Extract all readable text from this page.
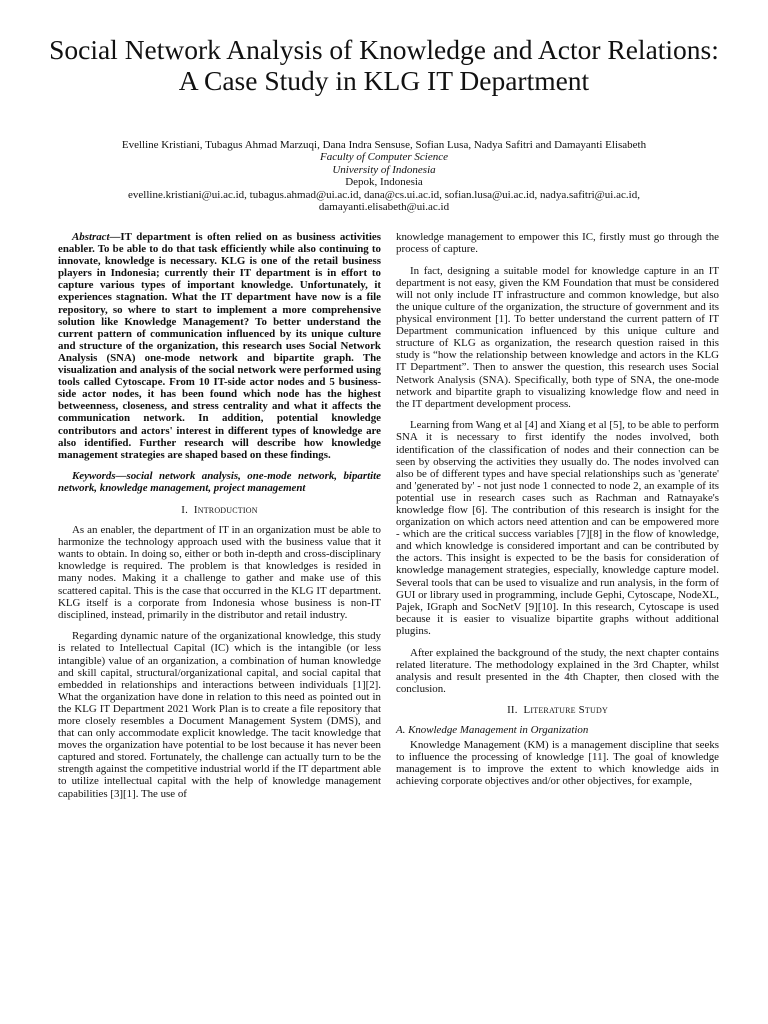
Social Network Analysis of Knowledge and Actor Relations: A Case Study in KLG IT Department
Evelline Kristiani, Tubagus Ahmad Marzuqi, Dana Indra Sensuse, Sofian Lusa, Nadya Safitri and Damayanti Elisabeth
Faculty of Computer Science
University of Indonesia
Depok, Indonesia
evelline.kristiani@ui.ac.id, tubagus.ahmad@ui.ac.id, dana@cs.ui.ac.id, sofian.lusa@ui.ac.id, nadya.safitri@ui.ac.id,
damayanti.elisabeth@ui.ac.id

Abstract—IT department is often relied on as business activities enabler. To be able to do that task efficiently while also continuing to innovate, knowledge is necessary. KLG is one of the retail business players in Indonesia; currently their IT department is in effort to capture various types of important knowledge. Unfortunately, it experiences stagnation. What the IT department have now is a file repository, so where to start to implement a more comprehensive solution like Knowledge Management? To better understand the current pattern of communication influenced by its unique culture and structure of the organization, this research uses Social Network Analysis (SNA) one-mode network and bipartite graph. The visualization and analysis of the social network were performed using tools called Cytoscape. From 10 IT-side actor nodes and 5 business-side actor nodes, it has been found which node has the highest betweenness, closeness, and stress centrality and what it affects the communication network. In addition, potential knowledge contributors and actors' interest in different types of knowledge are also identified. Further research will describe how knowledge management strategies are shaped based on these findings.

Keywords—social network analysis, one-mode network, bipartite network, knowledge management, project management

I. Introduction

As an enabler, the department of IT in an organization must be able to harmonize the technology approach used with the business value that it wants to obtain. In doing so, either or both in-depth and cross-disciplinary knowledge is required. The problem is that knowledges is resided in many nodes. Making it a challenge to gather and make use of this scattered capital. This is the case that occurred in the KLG IT department. KLG itself is a corporate from Indonesia whose business is non-IT disciplined, instead, primarily in the distributor and retail industry.

Regarding dynamic nature of the organizational knowledge, this study is related to Intellectual Capital (IC) which is the intangible (or less intangible) value of an organization, a combination of human knowledge and skill capital, structural/organizational capital, and social capital that embedded in relationships and interactions between individuals [1][2]. What the organization have done in relation to this need as pointed out in the KLG IT Department 2021 Work Plan is to create a file repository that more closely resembles a Document Management System (DMS), and that can only accommodate explicit knowledge. The tacit knowledge that moves the organization have potential to be lost because it has never been captured and stored. Fortunately, the challenge can actually turn to be the strength against the competitive industrial world if the IT department able to utilize intellectual capital with the help of knowledge management capabilities [3][1]. The use of

knowledge management to empower this IC, firstly must go through the process of capture.

In fact, designing a suitable model for knowledge capture in an IT department is not easy, given the KM Foundation that must be considered will not only include IT infrastructure and common knowledge, but also the unique culture of the organization, the structure of government and its physical environment [1]. To better understand the current pattern of IT Department communication influenced by this unique culture and structure of KLG as organization, the research question raised in this study is “how the relationship between knowledge and actors in the KLG IT Department”. Then to answer the question, this research uses Social Network Analysis (SNA). Specifically, both type of SNA, the one-mode network and bipartite graph to visualizing knowledge flow and need in the IT department development process.

Learning from Wang et al [4] and Xiang et al [5], to be able to perform SNA it is necessary to first identify the nodes involved, both identification of the classification of nodes and their connection can be seen by observing the activities they usually do. The nodes involved can also be of different types and have special relationships such as 'generate' and 'generated by' - not just node 1 connected to node 2, an example of its potential use in research cases such as Rachman and Ratnayake's knowledge flow [6]. The contribution of this research is insight for the organization on which actors need attention and can be empowered more - which are the critical success variables [7][8] in the flow of knowledge, and which knowledge is considered important and can be contributed by the actors. This insight is expected to be the basis for consideration of knowledge management strategies, especially, knowledge capture model. Several tools that can be used to visualize and run analysis, in the form of GUI or library used in programming, include Gephi, Cytoscape, NodeXL, Pajek, IGraph and SocNetV [9][10]. In this research, Cytoscape is used because it is easier to visualize bipartite graphs without additional plugins.

After explained the background of the study, the next chapter contains related literature. The methodology explained in the 3rd Chapter, whilst analysis and result presented in the 4th Chapter, then closed with the conclusion.

II. Literature Study
A. Knowledge Management in Organization

Knowledge Management (KM) is a management discipline that seeks to influence the processing of knowledge [11]. The goal of knowledge management is to improve the extent to which knowledge aids in achieving corporate objectives and/or other objectives, for example,
